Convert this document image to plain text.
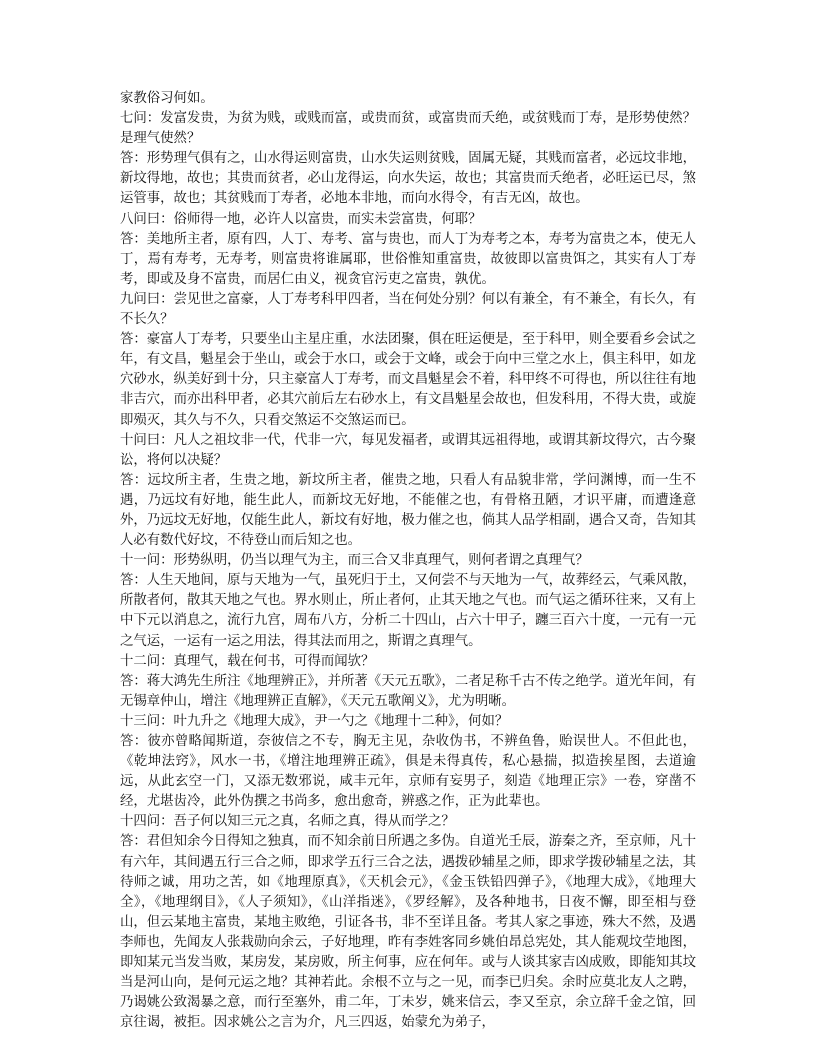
家教俗习何如。

七问：发富发贵，为贫为贱，或贱而富，或贵而贫，或富贵而夭绝，或贫贱而丁寿，是形势使然？是理气使然？

答：形势理气俱有之，山水得运则富贵，山水失运则贫贱，固属无疑，其贱而富者，必远坟非地，新坟得地，故也；其贵而贫者，必山龙得运，向水失运，故也；其富贵而夭绝者，必旺运已尽，煞运管事，故也；其贫贱而丁寿者，必地本非地，而向水得令，有吉无凶，故也。

八问曰：俗师得一地，必许人以富贵，而实未尝富贵，何耶？

答：美地所主者，原有四，人丁、寿考、富与贵也，而人丁为寿考之本，寿考为富贵之本，使无人丁，焉有寿考，无寿考，则富贵将谁属耶，世俗惟知重富贵，故彼即以富贵饵之，其实有人丁寿考，即或及身不富贵，而居仁由义，视贪官污吏之富贵，孰优。

九问曰：尝见世之富豪，人丁寿考科甲四者，当在何处分别？何以有兼全，有不兼全，有长久，有不长久？

答：豪富人丁寿考，只要坐山主星庄重，水法团聚，俱在旺运便是，至于科甲，则全要看乡会试之年，有文昌，魁星会于坐山，或会于水口，或会于文峰，或会于向中三堂之水上，俱主科甲，如龙穴砂水，纵美好到十分，只主豪富人丁寿考，而文昌魁星会不着，科甲终不可得也，所以往往有地非吉穴，而亦出科甲者，必其穴前后左右砂水上，有文昌魁星会故也，但发科用，不得大贵，或旋即殒灭，其久与不久，只看交煞运不交煞运而已。

十问曰：凡人之祖坟非一代，代非一穴，每见发福者，或谓其远祖得地，或谓其新坟得穴，古今聚讼，将何以决疑？

答：远坟所主者，生贵之地，新坟所主者，催贵之地，只看人有品貌非常，学问渊博，而一生不遇，乃远坟有好地，能生此人，而新坟无好地，不能催之也，有骨格丑陋，才识平庸，而遭逢意外，乃远坟无好地，仅能生此人，新坟有好地，极力催之也，倘其人品学相副，遇合又奇，告知其人必有数代好坟，不待登山而后知之也。

十一问：形势纵明，仍当以理气为主，而三合又非真理气，则何者谓之真理气？

答：人生天地间，原与天地为一气，虽死归于土，又何尝不与天地为一气，故葬经云，气乘风散，所散者何，散其天地之气也。界水则止，所止者何，止其天地之气也。而气运之循环往来，又有上中下元以消息之，流行九宫，周布八方，分析二十四山，占六十甲子，躔三百六十度，一元有一元之气运，一运有一运之用法，得其法而用之，斯谓之真理气。

十二问：真理气，载在何书，可得而闻欤？

答：蒋大鸿先生所注《地理辨正》，并所著《天元五歌》，二者足称千古不传之绝学。道光年间，有无锡章仲山，增注《地理辨正直解》，《天元五歌阐义》，尤为明晰。

十三问：叶九升之《地理大成》，尹一勺之《地理十二种》，何如？

答：彼亦曾略闻斯道，奈彼信之不专，胸无主见，杂收伪书，不辨鱼鲁，贻误世人。不但此也，《乾坤法窍》，风水一书，《增注地理辨正疏》，俱是未得真传，私心悬揣，拟造挨星图，去道逾远，从此玄空一门，又添无数邪说，咸丰元年，京师有妄男子，刻造《地理正宗》一卷，穿凿不经，尤堪齿冷，此外伪撰之书尚多，愈出愈奇，辨惑之作，正为此辈也。

十四问：吾子何以知三元之真，名师之真，得从而学之？

答：君但知余今日得知之独真，而不知余前日所遇之多伪。自道光壬辰，游秦之齐，至京师，凡十有六年，其间遇五行三合之师，即求学五行三合之法，遇拨砂辅星之师，即求学拨砂辅星之法，其待师之诚，用功之苦，如《地理原真》，《天机会元》，《金玉铁铅四弹子》，《地理大成》，《地理大全》，《地理纲目》，《人子须知》，《山洋指迷》，《罗经解》，及各种地书，日夜不懈，即至相与登山，但云某地主富贵，某地主败绝，引证各书，非不至详且备。考其人家之事迹，殊大不然，及遇李师也，先闻友人张栽勋向余云，子好地理，昨有李姓客同乡姚伯昂总宪处，其人能观坟茔地图，即知某元当发当败，某房发，某房败，所主何事，应在何年。或与人谈其家吉凶成败，即能知其坟当是河山向，是何元运之地？其神若此。余根不立与之一见，而李已归矣。余时应莫北友人之聘，乃谒姚公致渴暴之意，而行至塞外，甫二年，丁未岁，姚来信云，李又至京，余立辞千金之馆，回京往谒，被拒。因求姚公之言为介，凡三四返，始蒙允为弟子，
